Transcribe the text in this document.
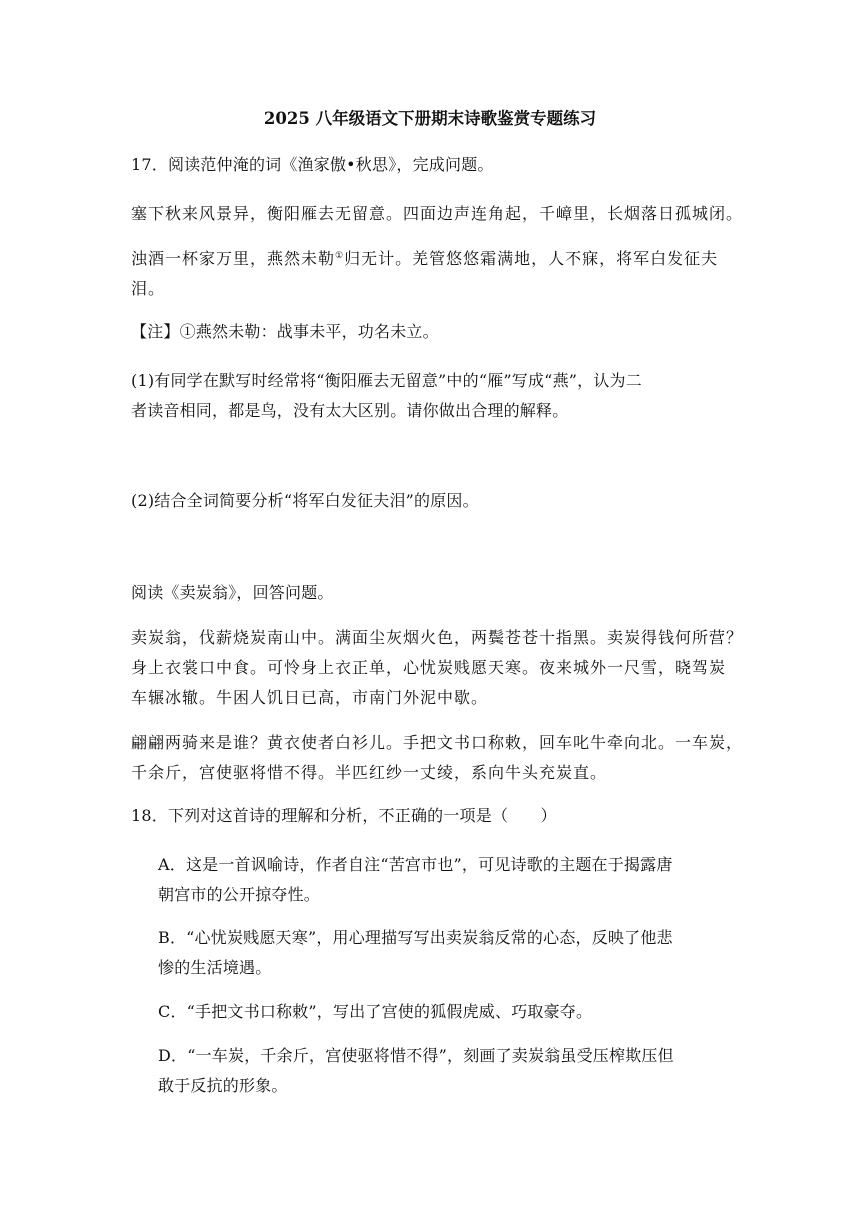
2025 八年级语文下册期末诗歌鉴赏专题练习
17．阅读范仲淹的词《渔家傲•秋思》，完成问题。
塞下秋来风景异，衡阳雁去无留意。四面边声连角起，千嶂里，长烟落日孤城闭。
浊酒一杯家万里，燕然未勒①归无计。羌管悠悠霜满地，人不寐，将军白发征夫
泪。
【注】①燕然未勒：战事未平，功名未立。
(1)有同学在默写时经常将“衡阳雁去无留意”中的“雁”写成“燕”，认为二
者读音相同，都是鸟，没有太大区别。请你做出合理的解释。
(2)结合全词简要分析“将军白发征夫泪”的原因。
阅读《卖炭翁》，回答问题。
卖炭翁，伐薪烧炭南山中。满面尘灰烟火色，两鬓苍苍十指黑。卖炭得钱何所营？
身上衣裳口中食。可怜身上衣正单，心忧炭贱愿天寒。夜来城外一尺雪，晓驾炭
车辗冰辙。牛困人饥日已高，市南门外泥中歇。
翩翩两骑来是谁？黄衣使者白衫儿。手把文书口称敕，回车叱牛牵向北。一车炭，
千余斤，宫使驱将惜不得。半匹红纱一丈绫，系向牛头充炭直。
18．下列对这首诗的理解和分析，不正确的一项是（　　）
A．这是一首讽喻诗，作者自注“苦宫市也”，可见诗歌的主题在于揭露唐
朝宫市的公开掠夺性。
B．“心忧炭贱愿天寒”，用心理描写写出卖炭翁反常的心态，反映了他悲
惨的生活境遇。
C．“手把文书口称敕”，写出了宫使的狐假虎威、巧取豪夺。
D．“一车炭，千余斤，宫使驱将惜不得”，刻画了卖炭翁虽受压榨欺压但
敢于反抗的形象。
